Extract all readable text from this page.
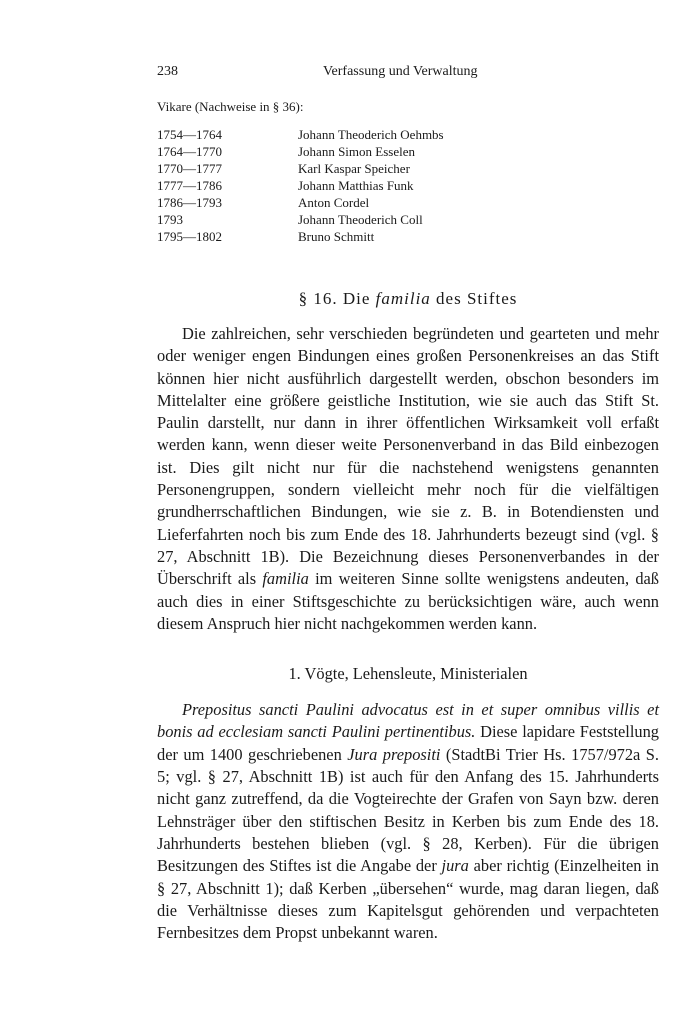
238	Verfassung und Verwaltung
Vikare (Nachweise in § 36):
1754—1764	Johann Theoderich Oehmbs
1764—1770	Johann Simon Esselen
1770—1777	Karl Kaspar Speicher
1777—1786	Johann Matthias Funk
1786—1793	Anton Cordel
1793	Johann Theoderich Coll
1795—1802	Bruno Schmitt
§ 16. Die familia des Stiftes

Die zahlreichen, sehr verschieden begründeten und gearteten und mehr oder weniger engen Bindungen eines großen Personenkreises an das Stift können hier nicht ausführlich dargestellt werden, obschon besonders im Mittelalter eine größere geistliche Institution, wie sie auch das Stift St. Paulin darstellt, nur dann in ihrer öffentlichen Wirksamkeit voll erfaßt werden kann, wenn dieser weite Personenverband in das Bild einbezogen ist. Dies gilt nicht nur für die nachstehend wenigstens genannten Personengruppen, sondern vielleicht mehr noch für die vielfältigen grundherrschaftlichen Bindungen, wie sie z. B. in Botendiensten und Lieferfahrten noch bis zum Ende des 18. Jahrhunderts bezeugt sind (vgl. § 27, Abschnitt 1B). Die Bezeichnung dieses Personenverbandes in der Überschrift als familia im weiteren Sinne sollte wenigstens andeuten, daß auch dies in einer Stiftsgeschichte zu berücksichtigen wäre, auch wenn diesem Anspruch hier nicht nachgekommen werden kann.

1. Vögte, Lehensleute, Ministerialen

Prepositus sancti Paulini advocatus est in et super omnibus villis et bonis ad ecclesiam sancti Paulini pertinentibus. Diese lapidare Feststellung der um 1400 geschriebenen Jura prepositi (StadtBi Trier Hs. 1757/972a S. 5; vgl. § 27, Abschnitt 1B) ist auch für den Anfang des 15. Jahrhunderts nicht ganz zutreffend, da die Vogteirechte der Grafen von Sayn bzw. deren Lehnsträger über den stiftischen Besitz in Kerben bis zum Ende des 18. Jahrhunderts bestehen blieben (vgl. § 28, Kerben). Für die übrigen Besitzungen des Stiftes ist die Angabe der jura aber richtig (Einzelheiten in § 27, Abschnitt 1); daß Kerben „übersehen“ wurde, mag daran liegen, daß die Verhältnisse dieses zum Kapitelsgut gehörenden und verpachteten Fernbesitzes dem Propst unbekannt waren.
